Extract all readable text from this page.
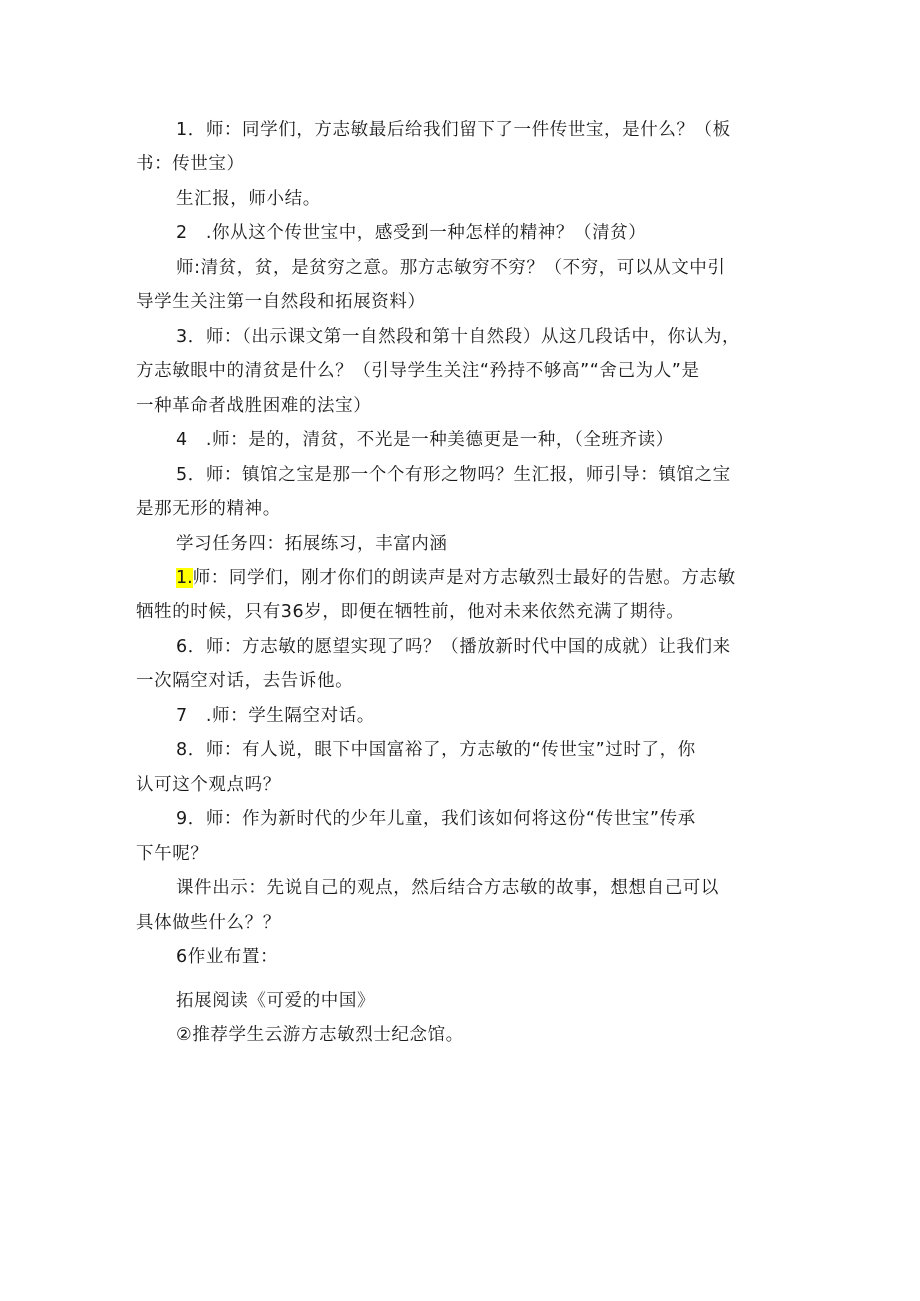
1．师：同学们，方志敏最后给我们留下了一件传世宝，是什么？（板
书：传世宝）
生汇报，师小结。
2　.你从这个传世宝中，感受到一种怎样的精神？（清贫）
师:清贫，贫，是贫穷之意。那方志敏穷不穷？（不穷，可以从文中引
导学生关注第一自然段和拓展资料）
3．师：（出示课文第一自然段和第十自然段）从这几段话中，你认为，
方志敏眼中的清贫是什么？（引导学生关注“矜持不够高”“舍己为人”是
一种革命者战胜困难的法宝）
4　.师：是的，清贫，不光是一种美德更是一种，（全班齐读）
5．师：镇馆之宝是那一个个有形之物吗？生汇报，师引导：镇馆之宝
是那无形的精神。
学习任务四：拓展练习，丰富内涵
1.师：同学们，刚才你们的朗读声是对方志敏烈士最好的告慰。方志敏
牺牲的时候，只有36岁，即便在牺牲前，他对未来依然充满了期待。
6．师：方志敏的愿望实现了吗？（播放新时代中国的成就）让我们来
一次隔空对话，去告诉他。
7　.师：学生隔空对话。
8．师：有人说，眼下中国富裕了，方志敏的“传世宝”过时了，你
认可这个观点吗？
9．师：作为新时代的少年儿童，我们该如何将这份“传世宝”传承
下午呢？
课件出示：先说自己的观点，然后结合方志敏的故事，想想自己可以
具体做些什么？？
6作业布置：
拓展阅读《可爱的中国》
②推荐学生云游方志敏烈士纪念馆。
